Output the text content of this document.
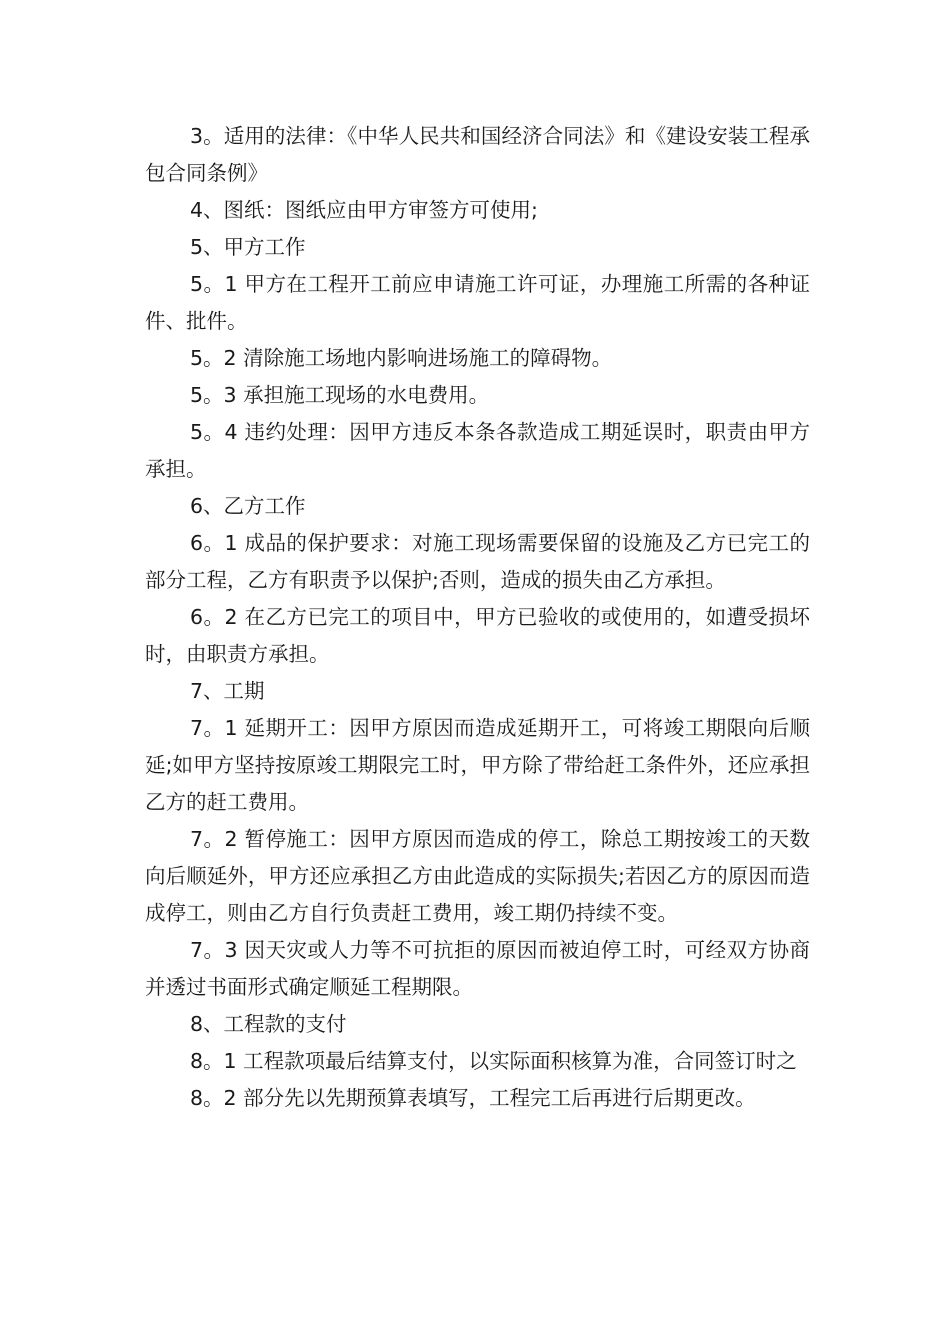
3。适用的法律：《中华人民共和国经济合同法》和《建设安装工程承包合同条例》

4、图纸：图纸应由甲方审签方可使用;

5、甲方工作

5。1 甲方在工程开工前应申请施工许可证，办理施工所需的各种证件、批件。

5。2 清除施工场地内影响进场施工的障碍物。

5。3 承担施工现场的水电费用。

5。4 违约处理：因甲方违反本条各款造成工期延误时，职责由甲方承担。

6、乙方工作

6。1 成品的保护要求：对施工现场需要保留的设施及乙方已完工的部分工程，乙方有职责予以保护;否则，造成的损失由乙方承担。

6。2 在乙方已完工的项目中，甲方已验收的或使用的，如遭受损坏时，由职责方承担。

7、工期

7。1 延期开工：因甲方原因而造成延期开工，可将竣工期限向后顺延;如甲方坚持按原竣工期限完工时，甲方除了带给赶工条件外，还应承担乙方的赶工费用。

7。2 暂停施工：因甲方原因而造成的停工，除总工期按竣工的天数向后顺延外，甲方还应承担乙方由此造成的实际损失;若因乙方的原因而造成停工，则由乙方自行负责赶工费用，竣工期仍持续不变。

7。3 因天灾或人力等不可抗拒的原因而被迫停工时，可经双方协商并透过书面形式确定顺延工程期限。

8、工程款的支付

8。1 工程款项最后结算支付，以实际面积核算为准，合同签订时之

8。2 部分先以先期预算表填写，工程完工后再进行后期更改。
